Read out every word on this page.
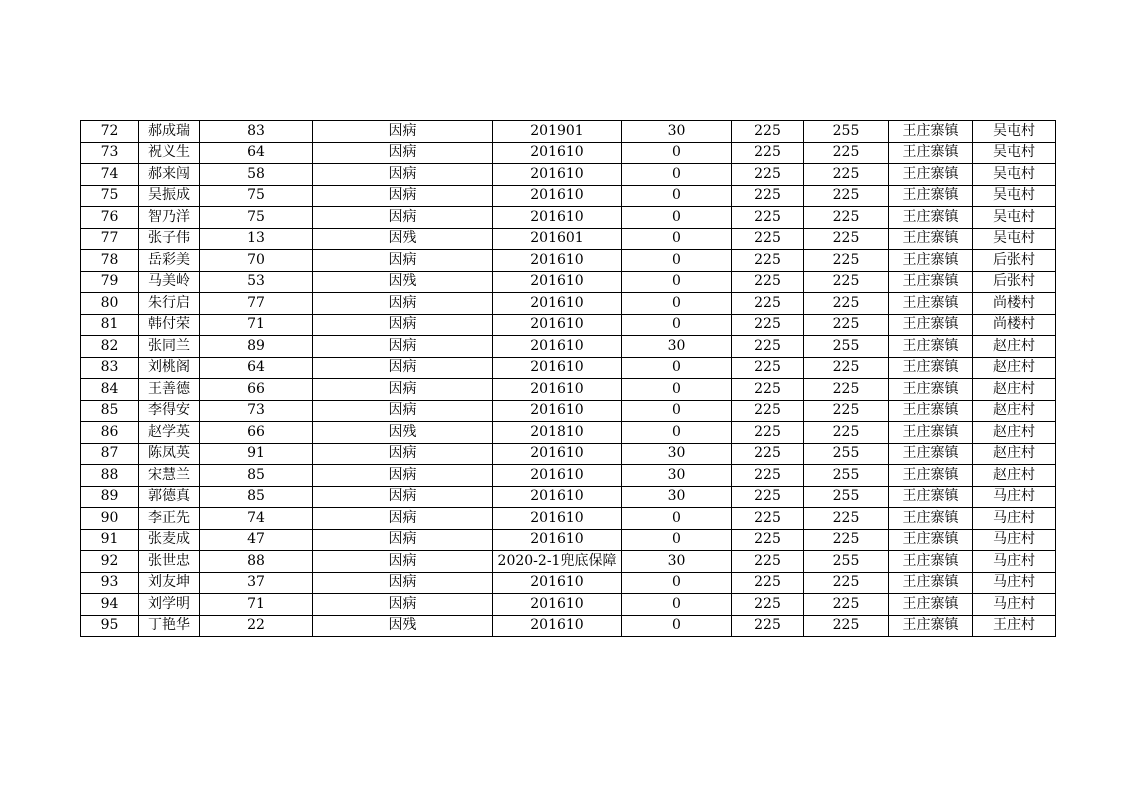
72	郝成瑞	83	因病	201901	30	225	255	王庄寨镇	吴屯村
73	祝义生	64	因病	201610	0	225	225	王庄寨镇	吴屯村
74	郝来闯	58	因病	201610	0	225	225	王庄寨镇	吴屯村
75	吴振成	75	因病	201610	0	225	225	王庄寨镇	吴屯村
76	智乃洋	75	因病	201610	0	225	225	王庄寨镇	吴屯村
77	张子伟	13	因残	201601	0	225	225	王庄寨镇	吴屯村
78	岳彩美	70	因病	201610	0	225	225	王庄寨镇	后张村
79	马美岭	53	因残	201610	0	225	225	王庄寨镇	后张村
80	朱行启	77	因病	201610	0	225	225	王庄寨镇	尚楼村
81	韩付荣	71	因病	201610	0	225	225	王庄寨镇	尚楼村
82	张同兰	89	因病	201610	30	225	255	王庄寨镇	赵庄村
83	刘桃阁	64	因病	201610	0	225	225	王庄寨镇	赵庄村
84	王善德	66	因病	201610	0	225	225	王庄寨镇	赵庄村
85	李得安	73	因病	201610	0	225	225	王庄寨镇	赵庄村
86	赵学英	66	因残	201810	0	225	225	王庄寨镇	赵庄村
87	陈凤英	91	因病	201610	30	225	255	王庄寨镇	赵庄村
88	宋慧兰	85	因病	201610	30	225	255	王庄寨镇	赵庄村
89	郭德真	85	因病	201610	30	225	255	王庄寨镇	马庄村
90	李正先	74	因病	201610	0	225	225	王庄寨镇	马庄村
91	张麦成	47	因病	201610	0	225	225	王庄寨镇	马庄村
92	张世忠	88	因病	2020-2-1兜底保障	30	225	255	王庄寨镇	马庄村
93	刘友坤	37	因病	201610	0	225	225	王庄寨镇	马庄村
94	刘学明	71	因病	201610	0	225	225	王庄寨镇	马庄村
95	丁艳华	22	因残	201610	0	225	225	王庄寨镇	王庄村
